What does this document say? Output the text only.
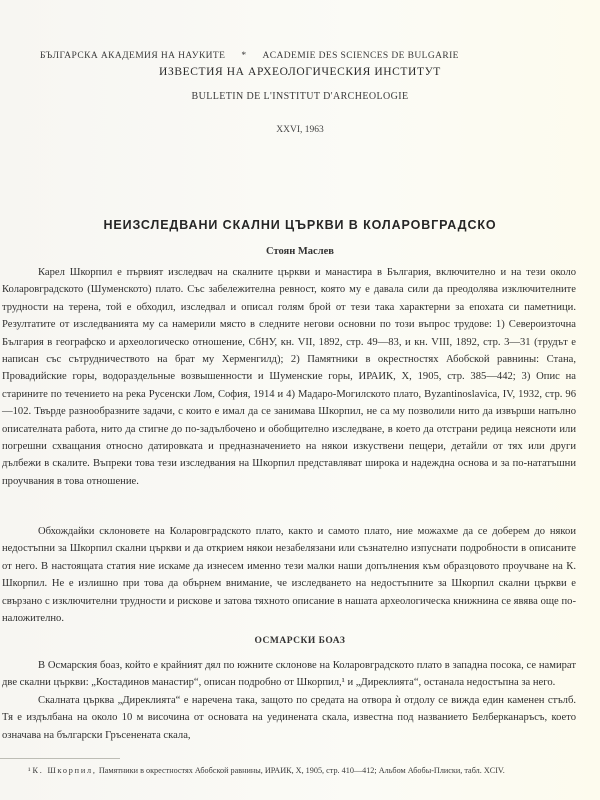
БЪЛГАРСКА АКАДЕМИЯ НА НАУКИТЕ * ACADEMIE DES SCIENCES DE BULGARIE
ИЗВЕСТИЯ НА АРХЕОЛОГИЧЕСКИЯ ИНСТИТУТ
BULLETIN DE L'INSTITUT D'ARCHEOLOGIE
XXVI, 1963
НЕИЗСЛЕДВАНИ СКАЛНИ ЦЪРКВИ В КОЛАРОВГРАДСКО
Стоян Маслев

Карел Шкорпил е първият изследвач на скалните църкви и манастира в България, включително и на тези около Коларовградското (Шуменското) плато. Със забележителна ревност, която му е давала сили да преодолява изключителните трудности на терена, той е обходил, изследвал и описал голям брой от тези така характерни за епохата си паметници. Резултатите от изследванията му са намерили място в следните негови основни по този въпрос трудове: 1) Североизточна България в географско и археологическо отношение, СбНУ, кн. VII, 1892, стр. 49—83, и кн. VIII, 1892, стр. 3—31 (трудът е написан със сътрудничеството на брат му Херменгилд); 2) Памятники в окрестностях Абобской равнины: Стана, Провадийские горы, водораздельные возвышенности и Шуменские горы, ИРАИК, X, 1905, стр. 385—442; 3) Опис на старините по течението на река Русенски Лом, София, 1914 и 4) Мадаро-Могилското плато, Byzantinoslavica, IV, 1932, стр. 96—102. Твърде разнообразните задачи, с които е имал да се занимава Шкорпил, не са му позволили нито да извърши напълно описателната работа, нито да стигне до по-задълбочено и обобщително изследване, в което да отстрани редица неясноти или погрешни схващания относно датировката и предназначението на някои изкуствени пещери, детайли от тях или други дълбежи в скалите. Въпреки това тези изследвания на Шкорпил представляват широка и надеждна основа и за по-нататъшни проучвания в това отношение.

Обхождайки склоновете на Коларовградското плато, както и самото плато, ние можахме да се доберем до някои недостъпни за Шкорпил скални църкви и да открием някои незабелязани или съзнателно изпуснати подробности в описаните от него. В настоящата статия ние искаме да изнесем именно тези малки наши допълнения към образцовото проучване на К. Шкорпил. Не е излишно при това да обърнем внимание, че изследването на недостъпните за Шкорпил скални църкви е свързано с изключителни трудности и рискове и затова тяхното описание в нашата археологическа книжнина се явява още по-наложително.

ОСМАРСКИ БОАЗ

В Осмарския боаз, който е крайният дял по южните склонове на Коларовградското плато в западна посока, се намират две скални църкви: „Костадинов манастир“, описан подробно от Шкорпил,¹ и „Диреклията“, останала недостъпна за него.

Скалната църква „Диреклията“ е наречена така, защото по средата на отвора ѝ отдолу се вижда един каменен стълб. Тя е издълбана на около 10 м височина от основата на уединената скала, известна под названието Белберканаръсъ, което означава на български Гръсенената скала,

¹ К. Шкорпил, Памятники в окрестностях Абобской равнины, ИРАИК, X, 1905, стр. 410—412; Альбом Абобы-Плиски, табл. XCIV.
